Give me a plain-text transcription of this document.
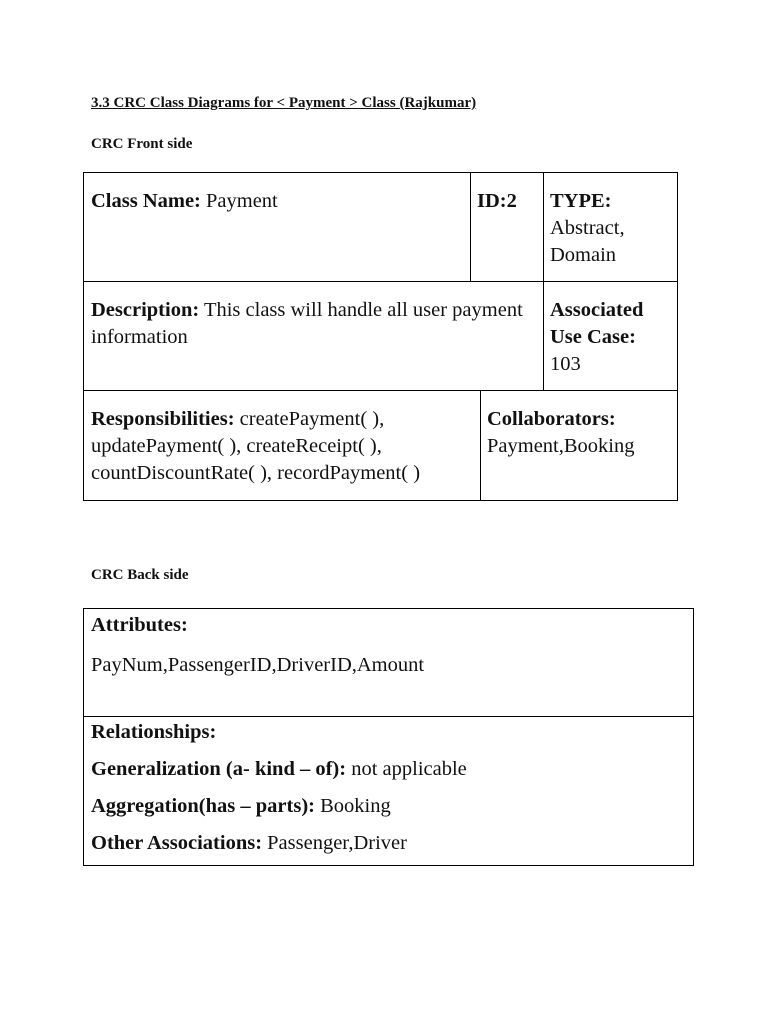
3.3 CRC Class Diagrams for < Payment > Class (Rajkumar)
CRC Front side
Class Name: Payment	ID:2	TYPE:
Abstract,
Domain
Description: This class will handle all user payment information
Associated
Use Case:
103
Responsibilities: createPayment( ),
updatePayment( ), createReceipt( ),
countDiscountRate( ), recordPayment( )
Collaborators:
Payment,Booking
CRC Back side

Attributes:

PayNum,PassengerID,DriverID,Amount

Relationships:

Generalization (a- kind – of): not applicable

Aggregation(has – parts): Booking

Other Associations: Passenger,Driver
